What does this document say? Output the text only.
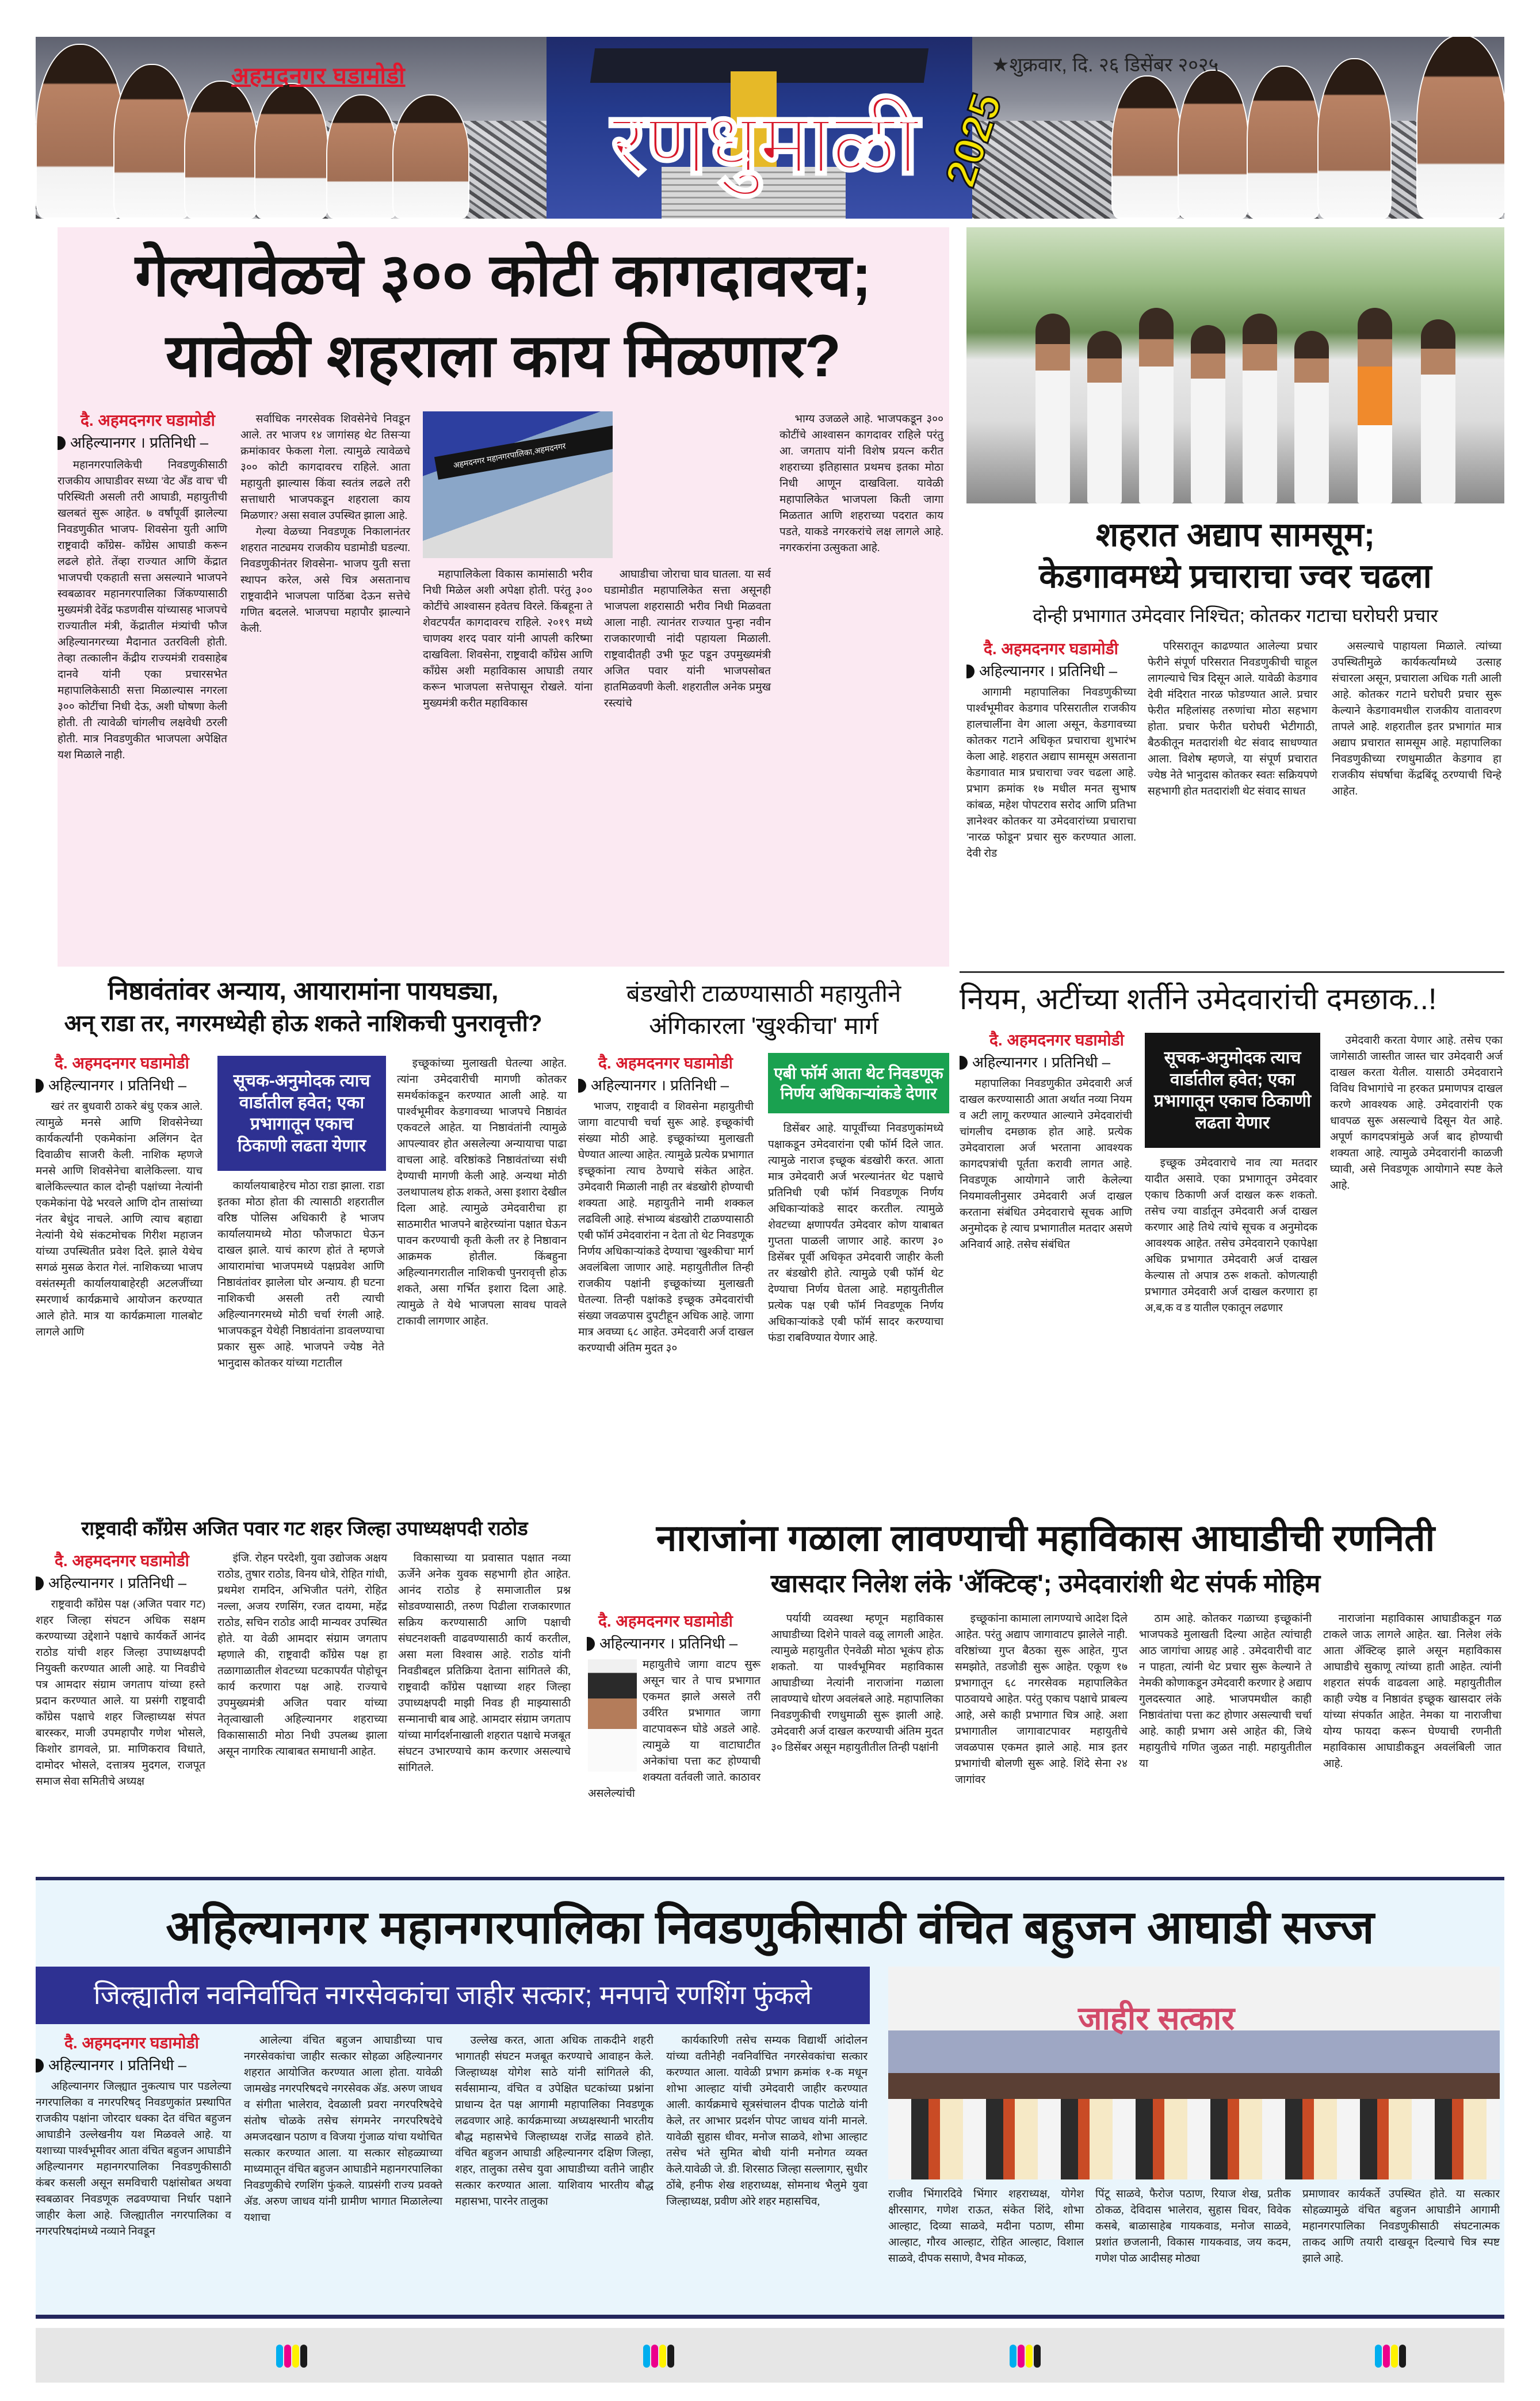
अहमदनगर घडामोडी	★शुक्रवार, दि. २६ डिसेंबर २०२५
रणधुमाळी 2025
गेल्यावेळचे ३०० कोटी कागदावरच;
यावेळी शहराला काय मिळणार?
दै. अहमदनगर घडामोडी
अहिल्यानगर । प्रतिनिधी –

महानगरपालिकेची निवडणुकीसाठी राजकीय आघाडीवर सध्या 'वेट अँड वाच' ची परिस्थिती असली तरी आघाडी, महायुतीची खलबतं सुरू आहेत. ७ वर्षांपूर्वी झालेल्या निवडणुकीत भाजप- शिवसेना युती आणि राष्ट्रवादी काँग्रेस- काँग्रेस आघाडी करून लढले होते. तेंव्हा राज्यात आणि केंद्रात भाजपची एकहाती सत्ता असल्याने भाजपने स्वबळावर महानगरपालिका जिंकण्यासाठी मुख्यमंत्री देवेंद्र फडणवीस यांच्यासह भाजपचे राज्यातील मंत्री, केंद्रातील मंत्र्यांची फौज अहिल्यानगरच्या मैदानात उतरविली होती. तेव्हा तत्कालीन केंद्रीय राज्यमंत्री रावसाहेब दानवे यांनी एका प्रचारसभेत महापालिकेसाठी सत्ता मिळाल्यास नगरला ३०० कोटींचा निधी देऊ, अशी घोषणा केली होती. ती त्यावेळी चांगलीच लक्षवेधी ठरली होती. मात्र निवडणुकीत भाजपला अपेक्षित यश मिळाले नाही.

सर्वाधिक नगरसेवक शिवसेनेचे निवडून आले. तर भाजप १४ जागांसह थेट तिसऱ्या क्रमांकावर फेकला गेला. त्यामुळे त्यावेळचे ३०० कोटी कागदावरच राहिले. आता महायुती झाल्यास किंवा स्वतंत्र लढले तरी सत्ताधारी भाजपकडून शहराला काय मिळणार? असा सवाल उपस्थित झाला आहे.

गेल्या वेळच्या निवडणूक निकालानंतर शहरात नाट्यमय राजकीय घडामोडी घडल्या. निवडणुकीनंतर शिवसेना- भाजप युती सत्ता स्थापन करेल, असे चित्र असतानाच राष्ट्रवादीने भाजपला पाठिंबा देऊन सत्तेचे गणित बदलले. भाजपचा महापौर झाल्याने केली.

अहमदनगर महानगरपालिका,अहमदनगर

महापालिकेला विकास कामांसाठी भरीव निधी मिळेल अशी अपेक्षा होती. परंतु ३०० कोटींचे आश्वासन हवेतच विरले. किंबहूना ते शेवटपर्यंत कागदावरच राहिले. २०१९ मध्ये चाणक्य शरद पवार यांनी आपली करिष्मा दाखविला. शिवसेना, राष्ट्रवादी काँग्रेस आणि काँग्रेस अशी महाविकास आघाडी तयार करून भाजपला सत्तेपासून रोखले. यांना मुख्यमंत्री करीत महाविकास

आघाडीचा जोराचा घाव घातला. या सर्व घडामोडीत महापालिकेत सत्ता असूनही भाजपला शहरासाठी भरीव निधी मिळवता आला नाही. त्यानंतर राज्यात पुन्हा नवीन राजकारणाची नांदी पहायला मिळाली. राष्ट्रवादीतही उभी फूट पडून उपमुख्यमंत्री अजित पवार यांनी भाजपसोबत हातमिळवणी केली. शहरातील अनेक प्रमुख रस्त्यांचे

भाग्य उजळले आहे. भाजपकडून ३०० कोटींचे आश्वासन कागदावर राहिले परंतु आ. जगताप यांनी विशेष प्रयत्न करीत शहराच्या इतिहासात प्रथमच इतका मोठा निधी आणून दाखविला. यावेळी महापालिकेत भाजपला किती जागा मिळतात आणि शहराच्या पदरात काय पडते, याकडे नगरकरांचे लक्ष लागले आहे. नगरकरांना उत्सुकता आहे.	शहरात अद्याप सामसूम;
केडगावमध्ये प्रचाराचा ज्वर चढला
दोन्ही प्रभागात उमेदवार निश्चित; कोतकर गटाचा घरोघरी प्रचार
दै. अहमदनगर घडामोडी
अहिल्यानगर । प्रतिनिधी –

आगामी महापालिका निवडणुकीच्या पार्श्वभूमीवर केडगाव परिसरातील राजकीय हालचालींना वेग आला असून, केडगावच्या कोतकर गटाने अधिकृत प्रचाराचा शुभारंभ केला आहे. शहरात अद्याप सामसूम असताना केडगावात मात्र प्रचाराचा ज्वर चढला आहे. प्रभाग क्रमांक १७ मधील मनत सुभाष कांबळ, महेश पोपटराव सरोद आणि प्रतिभा ज्ञानेश्वर कोतकर या उमेदवारांच्या प्रचाराचा 'नारळ फोडून' प्रचार सुरु करण्यात आला. देवी रोड

परिसरातून काढण्यात आलेल्या प्रचार फेरीने संपूर्ण परिसरात निवडणुकीची चाहूल लागल्याचे चित्र दिसून आले. यावेळी केडगाव देवी मंदिरात नारळ फोडण्यात आले. प्रचार फेरीत महिलांसह तरुणांचा मोठा सहभाग होता. प्रचार फेरीत घरोघरी भेटीगाठी, बैठकीतून मतदारांशी थेट संवाद साधण्यात आला. विशेष म्हणजे, या संपूर्ण प्रचारात ज्येष्ठ नेते भानुदास कोतकर स्वतः सक्रियपणे सहभागी होत मतदारांशी थेट संवाद साधत

असल्याचे पाहायला मिळाले. त्यांच्या उपस्थितीमुळे कार्यकर्त्यांमध्ये उत्साह संचारला असून, प्रचाराला अधिक गती आली आहे. कोतकर गटाने घरोघरी प्रचार सुरू केल्याने केडगावमधील राजकीय वातावरण तापले आहे. शहरातील इतर प्रभागांत मात्र अद्याप प्रचारात सामसूम आहे. महापालिका निवडणुकीच्या रणधुमाळीत केडगाव हा राजकीय संघर्षाचा केंद्रबिंदू ठरण्याची चिन्हे आहेत.

निष्ठावंतांवर अन्याय, आयारामांना पायघड्या,
अन् राडा तर, नगरमध्येही होऊ शकते नाशिकची पुनरावृत्ती?
दै. अहमदनगर घडामोडी
अहिल्यानगर । प्रतिनिधी –

खरं तर बुधवारी ठाकरे बंधु एकत्र आले. त्यामुळे मनसे आणि शिवसेनेच्या कार्यकर्त्यांनी एकमेकांना अलिंगन देत दिवाळीच साजरी केली. नाशिक म्हणजे मनसे आणि शिवसेनेचा बालेकिल्ला. याच बालेकिल्ल्यात काल दोन्ही पक्षांच्या नेत्यांनी एकमेकांना पेढे भरवले आणि दोन तासांच्या नंतर बेधुंद नाचले. आणि त्याच बहाद्या नेत्यांनी येथे संकटमोचक गिरीश महाजन यांच्या उपस्थितीत प्रवेश दिले. झाले येथेच सगळं मुसळ केरात गेलं. नाशिकच्या भाजप वसंतस्मृती कार्यालयाबाहेरही अटलजींच्या स्मरणार्थ कार्यक्रमाचे आयोजन करण्यात आले होते. मात्र या कार्यक्रमाला गालबोट लागले आणि

सूचक-अनुमोदक त्याच वार्डातील हवेत; एका प्रभागातून एकाच ठिकाणी लढता येणार

कार्यालयाबाहेरच मोठा राडा झाला. राडा इतका मोठा होता की त्यासाठी शहरातील वरिष्ठ पोलिस अधिकारी हे भाजप कार्यालयामध्ये मोठा फौजफाटा घेऊन दाखल झाले. याचं कारण होतं ते म्हणजे आयारामांचा भाजपमध्ये पक्षप्रवेश आणि निष्ठावंतांवर झालेला घोर अन्याय. ही घटना नाशिकची असली तरी त्याची अहिल्यानगरमध्ये मोठी चर्चा रंगली आहे. भाजपकडून येथेही निष्ठावंतांना डावलण्याचा प्रकार सुरू आहे. भाजपने ज्येष्ठ नेते भानुदास कोतकर यांच्या गटातील

इच्छूकांच्या मुलाखती घेतल्या आहेत. त्यांना उमेदवारीची मागणी कोतकर समर्थकांकडून करण्यात आली आहे. या पार्श्वभूमीवर केडगावच्या भाजपचे निष्ठावंत एकवटले आहेत. या निष्ठावंतांनी त्यामुळे आपल्यावर होत असलेल्या अन्यायाचा पाढा वाचला आहे. वरिष्ठांकडे निष्ठावंतांच्या संधी देण्याची मागणी केली आहे. अन्यथा मोठी उलथापालथ होऊ शकते, असा इशारा देखील दिला आहे. त्यामुळे उमेदवारीचा हा साठमारीत भाजपने बाहेरच्यांना पक्षात घेऊन पावन करण्याची कृती केली तर हे निष्ठावान आक्रमक होतील. किंबहुना अहिल्यानगरातील नाशिकची पुनरावृत्ती होऊ शकते, असा गर्भित इशारा दिला आहे. त्यामुळे ते येथे भाजपला सावध पावले टाकावी लागणार आहेत.

बंडखोरी टाळण्यासाठी महायुतीने
अंगिकारला 'खुश्कीचा' मार्ग
दै. अहमदनगर घडामोडी
अहिल्यानगर । प्रतिनिधी –

भाजप, राष्ट्रवादी व शिवसेना महायुतीची जागा वाटपाची चर्चा सुरू आहे. इच्छूकांची संख्या मोठी आहे. इच्छूकांच्या मुलाखती घेण्यात आल्या आहेत. त्यामुळे प्रत्येक प्रभागात इच्छूकांना त्याच ठेण्याचे संकेत आहेत. उमेदवारी मिळाली नाही तर बंडखोरी होण्याची शक्यता आहे. महायुतीने नामी शक्कल लढविली आहे. संभाव्य बंडखोरी टाळण्यासाठी एबी फॉर्म उमेदवारांना न देता तो थेट निवडणूक निर्णय अधिकाऱ्यांकडे देण्याचा 'खुश्कीचा' मार्ग अवलंबिला जाणार आहे. महायुतीतील तिन्ही राजकीय पक्षांनी इच्छूकांच्या मुलाखती घेतल्या. तिन्ही पक्षांकडे इच्छूक उमेदवारांची संख्या जवळपास दुपटीहून अधिक आहे. जागा मात्र अवघ्या ६८ आहेत. उमेदवारी अर्ज दाखल करण्याची अंतिम मुदत ३०

एबी फॉर्म आता थेट निवडणूक निर्णय अधिकाऱ्यांकडे देणार

डिसेंबर आहे. यापूर्वीच्या निवडणुकांमध्ये पक्षाकडून उमेदवारांना एबी फॉर्म दिले जात. त्यामुळे नाराज इच्छूक बंडखोरी करत. आता मात्र उमेदवारी अर्ज भरल्यानंतर थेट पक्षाचे प्रतिनिधी एबी फॉर्म निवडणूक निर्णय अधिकाऱ्यांकडे सादर करतील. त्यामुळे शेवटच्या क्षणापर्यंत उमेदवार कोण याबाबत गुप्तता पाळली जाणार आहे. कारण ३० डिसेंबर पूर्वी अधिकृत उमेदवारी जाहीर केली तर बंडखोरी होते. त्यामुळे एबी फॉर्म थेट देण्याचा निर्णय घेतला आहे. महायुतीतील प्रत्येक पक्ष एबी फॉर्म निवडणूक निर्णय अधिकाऱ्यांकडे एबी फॉर्म सादर करण्याचा फंडा राबविण्यात येणार आहे.

नियम, अटींच्या शर्तीने उमेदवारांची दमछाक..!
दै. अहमदनगर घडामोडी
अहिल्यानगर । प्रतिनिधी –

महापालिका निवडणुकीत उमेदवारी अर्ज दाखल करण्यासाठी आता अर्थात नव्या नियम व अटी लागू करण्यात आल्याने उमेदवारांची चांगलीच दमछाक होत आहे. प्रत्येक उमेदवाराला अर्ज भरताना आवश्यक कागदपत्रांची पूर्तता करावी लागत आहे. निवडणूक आयोगाने जारी केलेल्या नियमावलीनुसार उमेदवारी अर्ज दाखल करताना संबंधित उमेदवाराचे सूचक आणि अनुमोदक हे त्याच प्रभागातील मतदार असणे अनिवार्य आहे. तसेच संबंधित

सूचक-अनुमोदक त्याच वार्डातील हवेत; एका प्रभागातून एकाच ठिकाणी लढता येणार

इच्छूक उमेदवाराचे नाव त्या मतदार यादीत असावे. एका प्रभागातून उमेदवार एकाच ठिकाणी अर्ज दाखल करू शकतो. तसेच ज्या वार्डातून उमेदवारी अर्ज दाखल करणार आहे तिथे त्यांचे सूचक व अनुमोदक आवश्यक आहेत. तसेच उमेदवाराने एकापेक्षा अधिक प्रभागात उमेदवारी अर्ज दाखल केल्यास तो अपात्र ठरू शकतो. कोणत्याही प्रभागात उमेदवारी अर्ज दाखल करणारा हा अ,ब,क व ड यातील एकातून लढणार

उमेदवारी करता येणार आहे. तसेच एका जागेसाठी जास्तीत जास्त चार उमेदवारी अर्ज दाखल करता येतील. यासाठी उमेदवाराने विविध विभागांचे ना हरकत प्रमाणपत्र दाखल करणे आवश्यक आहे. उमेदवारांनी एक धावपळ सुरू असल्याचे दिसून येत आहे. अपूर्ण कागदपत्रांमुळे अर्ज बाद होण्याची शक्यता आहे. त्यामुळे उमेदवारांनी काळजी घ्यावी, असे निवडणूक आयोगाने स्पष्ट केले आहे.

राष्ट्रवादी काँग्रेस अजित पवार गट शहर जिल्हा उपाध्यक्षपदी राठोड
दै. अहमदनगर घडामोडी
अहिल्यानगर । प्रतिनिधी –

राष्ट्रवादी काँग्रेस पक्ष (अजित पवार गट) शहर जिल्हा संघटन अधिक सक्षम करण्याच्या उद्देशाने पक्षाचे कार्यकर्ते आनंद राठोड यांची शहर जिल्हा उपाध्यक्षपदी नियुक्ती करण्यात आली आहे. या निवडीचे पत्र आमदार संग्राम जगताप यांच्या हस्ते प्रदान करण्यात आले. या प्रसंगी राष्ट्रवादी काँग्रेस पक्षाचे शहर जिल्हाध्यक्ष संपत बारस्कर, माजी उपमहापौर गणेश भोसले, किशोर डागवले, प्रा. माणिकराव विधाते, दामोदर भोसले, दत्तात्रय मुदगल, राजपूत समाज सेवा समितीचे अध्यक्ष

इंजि. रोहन परदेशी, युवा उद्योजक अक्षय राठोड, तुषार राठोड, विनय धोत्रे, रोहित गांधी, प्रथमेश रामदिन, अभिजीत पतंगे, रोहित नल्ला, अजय रणसिंग, रजत दायमा, महेंद्र राठोड, सचिन राठोड आदी मान्यवर उपस्थित होते. या वेळी आमदार संग्राम जगताप म्हणाले की, राष्ट्रवादी काँग्रेस पक्ष हा तळागाळातील शेवटच्या घटकापर्यंत पोहोचून कार्य करणारा पक्ष आहे. राज्याचे उपमुख्यमंत्री अजित पवार यांच्या नेतृत्वाखाली अहिल्यानगर शहराच्या विकासासाठी मोठा निधी उपलब्ध झाला असून नागरिक त्याबाबत समाधानी आहेत.

विकासाच्या या प्रवासात पक्षात नव्या ऊर्जेने अनेक युवक सहभागी होत आहेत. आनंद राठोड हे समाजातील प्रश्न सोडवण्यासाठी, तरुण पिढीला राजकारणात सक्रिय करण्यासाठी आणि पक्षाची संघटनशक्ती वाढवण्यासाठी कार्य करतील, असा मला विश्वास आहे. राठोड यांनी निवडीबद्दल प्रतिक्रिया देताना सांगितले की, राष्ट्रवादी काँग्रेस पक्षाच्या शहर जिल्हा उपाध्यक्षपदी माझी निवड ही माझ्यासाठी सन्मानाची बाब आहे. आमदार संग्राम जगताप यांच्या मार्गदर्शनाखाली शहरात पक्षाचे मजबूत संघटन उभारण्याचे काम करणार असल्याचे सांगितले.

नाराजांना गळाला लावण्याची महाविकास आघाडीची रणनिती
खासदार निलेश लंके 'ॲक्टिव्ह'; उमेदवारांशी थेट संपर्क मोहिम
दै. अहमदनगर घडामोडी
अहिल्यानगर । प्रतिनिधी –

महायुतीचे जागा वाटप सुरू असून चार ते पाच प्रभागात एकमत झाले असले तरी उर्वरित प्रभागात जागा वाटपावरून घोडे अडले आहे. त्यामुळे या वाटाघाटीत अनेकांचा पत्ता कट होण्याची शक्यता वर्तवली जाते. काठावर असलेल्यांची

पर्यायी व्यवस्था म्हणून महाविकास आघाडीच्या दिशेने पावले वळू लागली आहेत. त्यामुळे महायुतीत ऐनवेळी मोठा भूकंप होऊ शकतो. या पार्श्वभूमिवर महाविकास आघाडीच्या नेत्यांनी नाराजांना गळाला लावण्याचे धोरण अवलंबले आहे. महापालिका निवडणुकीची रणधुमाळी सुरू झाली आहे. उमेदवारी अर्ज दाखल करण्याची अंतिम मुदत ३० डिसेंबर असून महायुतीतील तिन्ही पक्षांनी

इच्छूकांना कामाला लागण्याचे आदेश दिले आहेत. परंतु अद्याप जागावाटप झालेले नाही. वरिष्ठांच्या गुप्त बैठका सुरू आहेत, गुप्त समझोते, तडजोडी सुरू आहेत. एकूण १७ प्रभागातून ६८ नगरसेवक महापालिकेत पाठवायचे आहेत. परंतु एकाच पक्षाचे प्राबल्य आहे, असे काही प्रभागात चित्र आहे. अशा प्रभागातील जागावाटपावर महायुतीचे जवळपास एकमत झाले आहे. मात्र इतर प्रभागांची बोलणी सुरू आहे. शिंदे सेना २४ जागांवर

ठाम आहे. कोतकर गळाच्या इच्छूकांनी भाजपकडे मुलाखती दिल्या आहेत त्यांचाही आठ जागांचा आग्रह आहे . उमेदवारीची वाट न पाहता, त्यांनी थेट प्रचार सुरू केल्याने ते नेमकी कोणाकडून उमेदवारी करणार हे अद्याप गुलदस्त्यात आहे. भाजपमधील काही निष्ठावंतांचा पत्ता कट होणार असल्याची चर्चा आहे. काही प्रभाग असे आहेत की, जिथे महायुतीचे गणित जुळत नाही. महायुतीतील या

नाराजांना महाविकास आघाडीकडून गळ टाकले जाऊ लागले आहेत. खा. निलेश लंके आता ॲक्टिव्ह झाले असून महाविकास आघाडीचे सुकाणू त्यांच्या हाती आहेत. त्यांनी शहरात संपर्क वाढवला आहे. महायुतीतील काही ज्येष्ठ व निष्ठावंत इच्छूक खासदार लंके यांच्या संपर्कात आहेत. नेमका या नाराजीचा योग्य फायदा करून घेण्याची रणनीती महाविकास आघाडीकडून अवलंबिली जात आहे.

अहिल्यानगर महानगरपालिका निवडणुकीसाठी वंचित बहुजन आघाडी सज्ज
जिल्ह्यातील नवनिर्वाचित नगरसेवकांचा जाहीर सत्कार; मनपाचे रणशिंग फुंकले
जाहीर सत्कार
दै. अहमदनगर घडामोडी
अहिल्यानगर । प्रतिनिधी –

अहिल्यानगर जिल्ह्यात नुकत्याच पार पडलेल्या नगरपालिका व नगरपरिषद् निवडणुकांत प्रस्थापित राजकीय पक्षांना जोरदार धक्का देत वंचित बहुजन आघाडीने उल्लेखनीय यश मिळवले आहे. या यशाच्या पार्श्वभूमीवर आता वंचित बहुजन आघाडीने अहिल्यानगर महानगरपालिका निवडणुकीसाठी कंबर कसली असून समविचारी पक्षांसोबत अथवा स्वबळावर निवडणूक लढवण्याचा निर्धार पक्षाने जाहीर केला आहे. जिल्ह्यातील नगरपालिका व नगरपरिषदांमध्ये नव्याने निवडून

आलेल्या वंचित बहुजन आघाडीच्या पाच नगरसेवकांचा जाहीर सत्कार सोहळा अहिल्यानगर शहरात आयोजित करण्यात आला होता. यावेळी जामखेड नगरपरिषदचे नगरसेवक ॲड. अरुण जाधव व संगीता भालेराव, देवळाली प्रवरा नगरपरिषदेचे संतोष चोळके तसेच संगमनेर नगरपरिषदेचे अमजदखान पठाण व विजया गुंजाळ यांचा यथोचित सत्कार करण्यात आला. या सत्कार सोहळ्याच्या माध्यमातून वंचित बहुजन आघाडीने महानगरपालिका निवडणुकीचे रणशिंग फुंकले. याप्रसंगी राज्य प्रवक्ते ॲड. अरुण जाधव यांनी ग्रामीण भागात मिळालेल्या यशाचा

उल्लेख करत, आता अधिक ताकदीने शहरी भागातही संघटन मजबूत करण्याचे आवाहन केले. जिल्हाध्यक्ष योगेश साठे यांनी सांगितले की, सर्वसामान्य, वंचित व उपेक्षित घटकांच्या प्रश्नांना प्राधान्य देत पक्ष आगामी महापालिका निवडणूक लढवणार आहे. कार्यक्रमाच्या अध्यक्षस्थानी भारतीय बौद्ध महासभेचे जिल्हाध्यक्ष राजेंद्र साळवे होते. वंचित बहुजन आघाडी अहिल्यानगर दक्षिण जिल्हा, शहर, तालुका तसेच युवा आघाडीच्या वतीने जाहीर सत्कार करण्यात आला. याशिवाय भारतीय बौद्ध महासभा, पारनेर तालुका

कार्यकारिणी तसेच सम्यक विद्यार्थी आंदोलन यांच्या वतीनेही नवनिर्वाचित नगरसेवकांचा सत्कार करण्यात आला. यावेळी प्रभाग क्रमांक १-क मधून शोभा आल्हाट यांची उमेदवारी जाहीर करण्यात आली. कार्यक्रमाचे सूत्रसंचालन दीपक पाटोळे यांनी केले, तर आभार प्रदर्शन पोपट जाधव यांनी मानले. यावेळी सुहास धीवर, मनोज साळवे, शोभा आल्हाट तसेच भंते सुमित बोधी यांनी मनोगत व्यक्त केले.यावेळी जे. डी. शिरसाठ जिल्हा सल्लागार, सुधीर ठोंबे, हनीफ शेख शहराध्यक्ष, सोमनाथ भैलुमे युवा जिल्हाध्यक्ष, प्रवीण ओरे शहर महासचिव,

राजीव भिंगारदिवे भिंगार शहराध्यक्ष, योगेश क्षीरसागर, गणेश राऊत, संकेत शिंदे, शोभा आल्हाट, दिव्या साळवे, मदीना पठाण, सीमा आल्हाट, गौरव आल्हाट, रोहित आल्हाट, विशाल साळवे, दीपक ससाणे, वैभव मोकळ,

पिंटू साळवे, फैरोज पठाण, रियाज शेख, प्रतीक ठोकळ, देविदास भालेराव, सुहास धिवर, विवेक कसबे, बाळासाहेब गायकवाड, मनोज साळवे, प्रशांत छजलानी, विकास गायकवाड, जय कदम, गणेश पोळ आदीसह मोठ्या

प्रमाणावर कार्यकर्ते उपस्थित होते. या सत्कार सोहळ्यामुळे वंचित बहुजन आघाडीने आगामी महानगरपालिका निवडणुकीसाठी संघटनात्मक ताकद आणि तयारी दाखवून दिल्याचे चित्र स्पष्ट झाले आहे.
